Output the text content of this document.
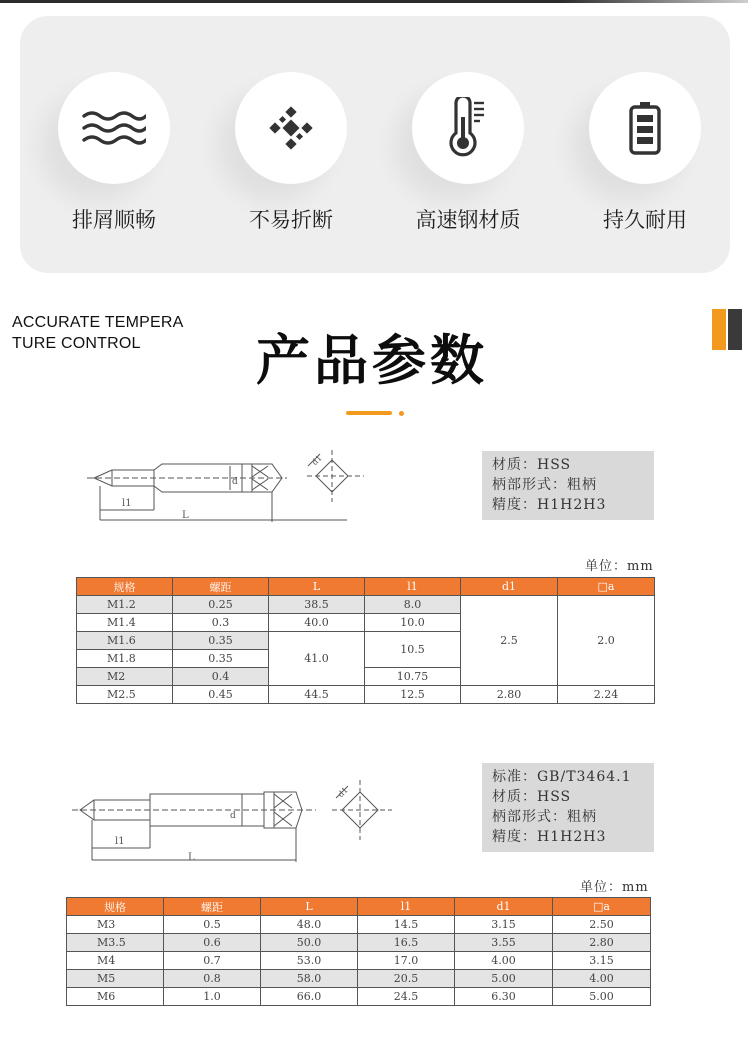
排屑顺畅	不易折断	高速钢材质	持久耐用
ACCURATE TEMPERA
TURE CONTROL	产品参数
l1
L
d
d1	材质：HSS
柄部形式：粗柄
精度：H1H2H3
单位：mm
规格	螺距	L	l1	d1	□a
M1.2	0.25	38.5	8.0	2.5	2.0
M1.4	0.3	40.0	10.0		
M1.6	0.35	41.0	10.5		
M1.8	0.35				
M2	0.4		10.75		
M2.5	0.45	44.5	12.5	2.80	2.24
l1
L
d
d1
标准：GB/T3464.1
材质：HSS
柄部形式：粗柄
精度：H1H2H3
单位：mm
规格	螺距	L	l1	d1	□a
M3	0.5	48.0	14.5	3.15	2.50
M3.5	0.6	50.0	16.5	3.55	2.80
M4	0.7	53.0	17.0	4.00	3.15
M5	0.8	58.0	20.5	5.00	4.00
M6	1.0	66.0	24.5	6.30	5.00
